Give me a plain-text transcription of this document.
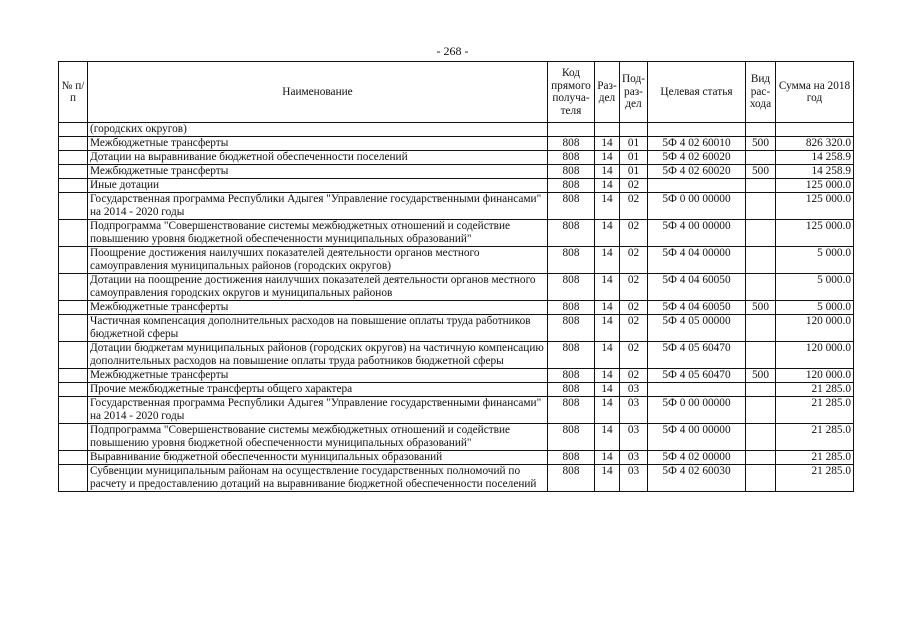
- 268 -
№ п/п	Наименование	Код прямого получа-теля	Раз-дел	Под-раз-дел	Целевая статья	Вид рас-хода	Сумма на 2018 год
	(городских округов)						
	Межбюджетные трансферты	808	14	01	5Ф 4 02 60010	500	826 320.0
	Дотации на выравнивание бюджетной обеспеченности поселений	808	14	01	5Ф 4 02 60020		14 258.9
	Межбюджетные трансферты	808	14	01	5Ф 4 02 60020	500	14 258.9
	Иные дотации	808	14	02			125 000.0
	Государственная программа Республики Адыгея "Управление государственными финансами" на 2014 - 2020 годы	808	14	02	5Ф 0 00 00000		125 000.0
	Подпрограмма "Совершенствование системы межбюджетных отношений и содействие повышению уровня бюджетной обеспеченности муниципальных образований"	808	14	02	5Ф 4 00 00000		125 000.0
	Поощрение достижения наилучших показателей деятельности органов местного самоуправления муниципальных районов (городских округов)	808	14	02	5Ф 4 04 00000		5 000.0
	Дотации на поощрение достижения наилучших показателей деятельности органов местного самоуправления городских округов и муниципальных районов	808	14	02	5Ф 4 04 60050		5 000.0
	Межбюджетные трансферты	808	14	02	5Ф 4 04 60050	500	5 000.0
	Частичная компенсация дополнительных расходов на повышение оплаты труда работников бюджетной сферы	808	14	02	5Ф 4 05 00000		120 000.0
	Дотации бюджетам муниципальных районов (городских округов) на частичную компенсацию дополнительных расходов на повышение оплаты труда работников бюджетной сферы	808	14	02	5Ф 4 05 60470		120 000.0
	Межбюджетные трансферты	808	14	02	5Ф 4 05 60470	500	120 000.0
	Прочие межбюджетные трансферты общего характера	808	14	03			21 285.0
	Государственная программа Республики Адыгея "Управление государственными финансами" на 2014 - 2020 годы	808	14	03	5Ф 0 00 00000		21 285.0
	Подпрограмма "Совершенствование системы межбюджетных отношений и содействие повышению уровня бюджетной обеспеченности муниципальных образований"	808	14	03	5Ф 4 00 00000		21 285.0
	Выравнивание бюджетной обеспеченности муниципальных образований	808	14	03	5Ф 4 02 00000		21 285.0
	Субвенции муниципальным районам на осуществление государственных полномочий по расчету и предоставлению дотаций на выравнивание бюджетной обеспеченности поселений	808	14	03	5Ф 4 02 60030		21 285.0
